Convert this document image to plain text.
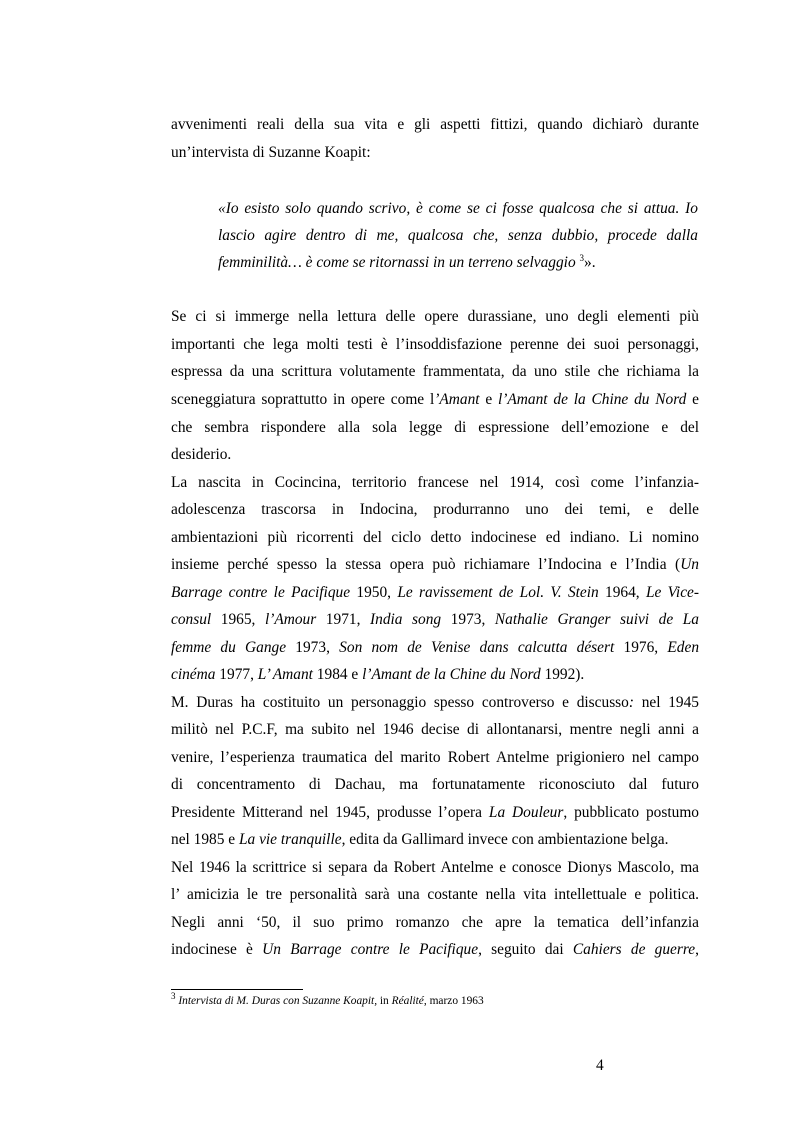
avvenimenti reali della sua vita e gli aspetti fittizi, quando dichiarò durante
un’intervista di Suzanne Koapit:
«Io esisto solo quando scrivo, è come se ci fosse qualcosa che si attua. Io
lascio agire dentro di me, qualcosa che, senza dubbio, procede dalla
femminilità… è come se ritornassi in un terreno selvaggio $^3$».
Se ci si immerge nella lettura delle opere durassiane, uno degli elementi più
importanti che lega molti testi è l’insoddisfazione perenne dei suoi personaggi,
espressa da una scrittura volutamente frammentata, da uno stile che richiama la
sceneggiatura soprattutto in opere come l’Amant e l’Amant de la Chine du Nord e
che sembra rispondere alla sola legge di espressione dell’emozione e del
desiderio.
La nascita in Cocincina, territorio francese nel 1914, così come l’infanzia-
adolescenza trascorsa in Indocina, produrranno uno dei temi, e delle
ambientazioni più ricorrenti del ciclo detto indocinese ed indiano. Li nomino
insieme perché spesso la stessa opera può richiamare l’Indocina e l’India (Un
Barrage contre le Pacifique 1950, Le ravissement de Lol. V. Stein 1964, Le Vice-
consul 1965, l’Amour 1971, India song 1973, Nathalie Granger suivi de La
femme du Gange 1973, Son nom de Venise dans calcutta désert 1976, Eden
cinéma 1977, L’ Amant 1984 e l’Amant de la Chine du Nord 1992).
M. Duras ha costituito un personaggio spesso controverso e discusso: nel 1945
militò nel P.C.F, ma subito nel 1946 decise di allontanarsi, mentre negli anni a
venire, l’esperienza traumatica del marito Robert Antelme prigioniero nel campo
di concentramento di Dachau, ma fortunatamente riconosciuto dal futuro
Presidente Mitterand nel 1945, produsse l’opera La Douleur, pubblicato postumo
nel 1985 e La vie tranquille, edita da Gallimard invece con ambientazione belga.
Nel 1946 la scrittrice si separa da Robert Antelme e conosce Dionys Mascolo, ma
l’ amicizia le tre personalità sarà una costante nella vita intellettuale e politica.
Negli anni ‘50, il suo primo romanzo che apre la tematica dell’infanzia
indocinese è Un Barrage contre le Pacifique, seguito dai Cahiers de guerre,
$^3$ Intervista di M. Duras con Suzanne Koapit, in Réalité, marzo 1963
4
